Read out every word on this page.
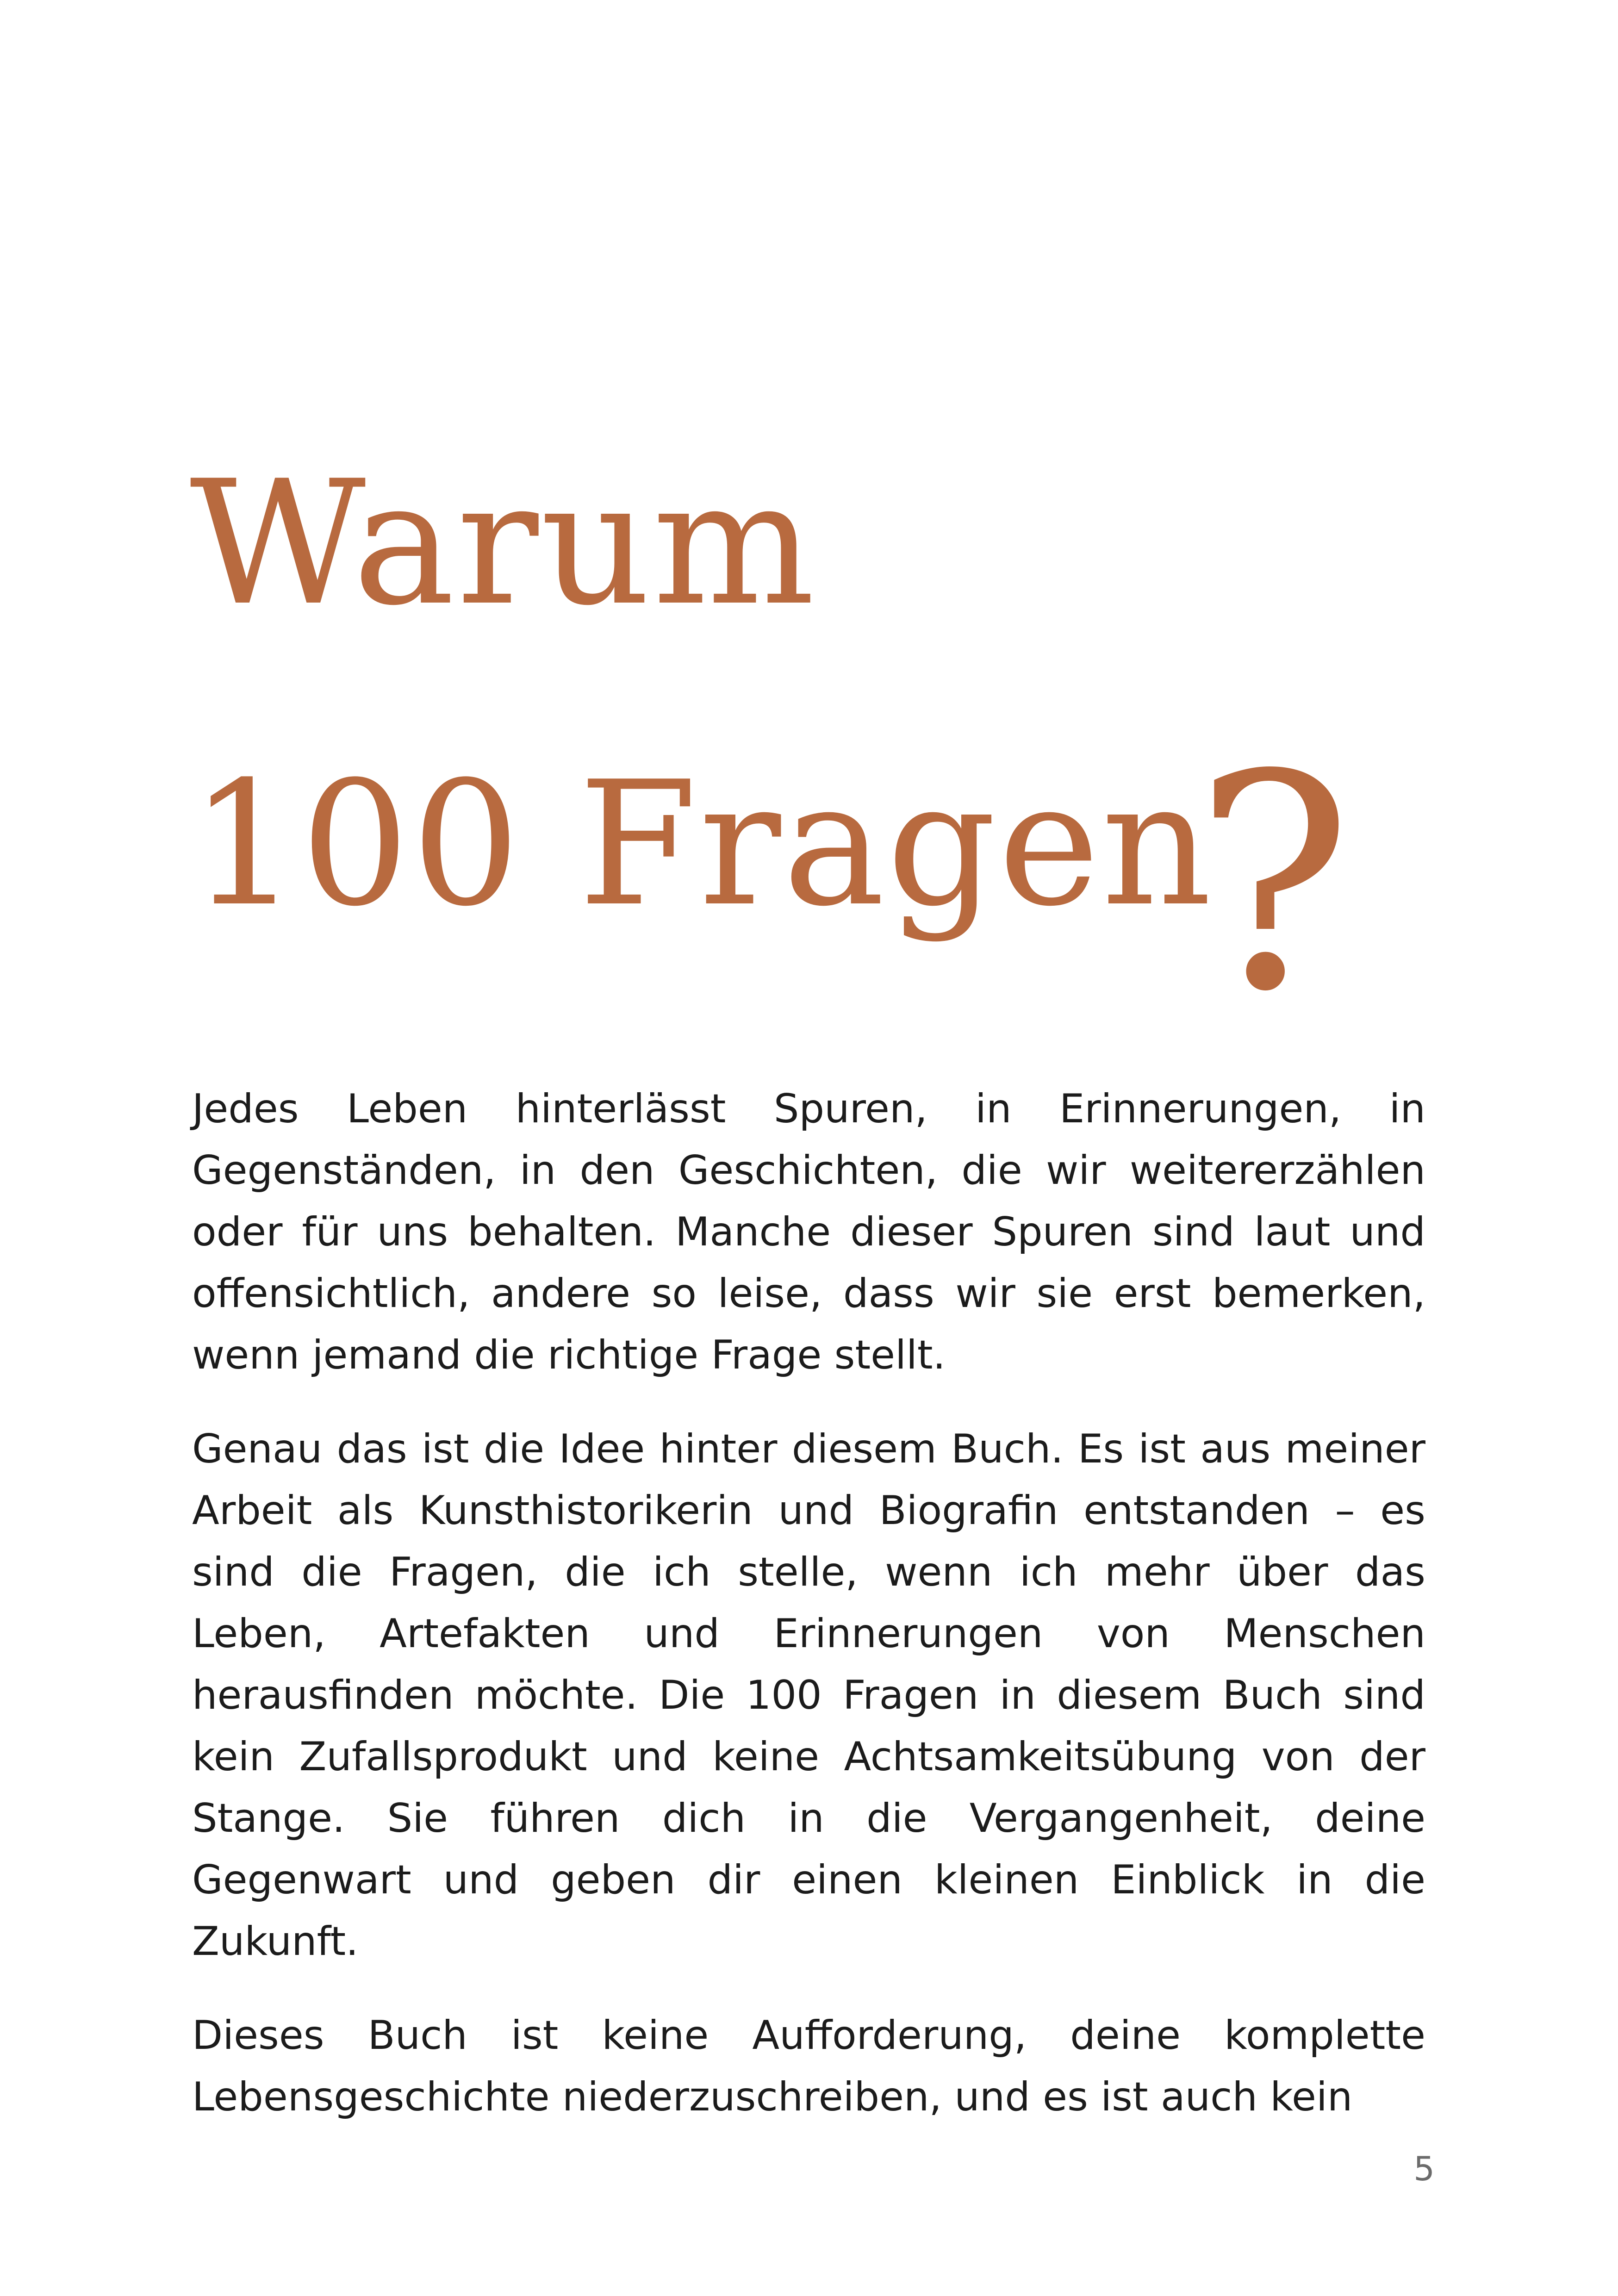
Warum
100 Fragen
?

Jedes Leben hinterlässt Spuren, in Erinnerungen, in Gegenständen, in den Geschichten, die wir weitererzählen oder für uns behalten. Manche dieser Spuren sind laut und offensichtlich, andere so leise, dass wir sie erst bemerken, wenn jemand die richtige Frage stellt.

Genau das ist die Idee hinter diesem Buch. Es ist aus meiner Arbeit als Kunsthistorikerin und Biografin entstanden – es sind die Fragen, die ich stelle, wenn ich mehr über das Leben, Artefakten und Erinnerungen von Menschen herausfinden möchte. Die 100 Fragen in diesem Buch sind kein Zufallsprodukt und keine Achtsamkeitsübung von der Stange. Sie führen dich in die Vergangenheit, deine Gegenwart und geben dir einen kleinen Einblick in die Zukunft.

Dieses Buch ist keine Aufforderung, deine komplette Lebensgeschichte niederzuschreiben, und es ist auch kein

5
